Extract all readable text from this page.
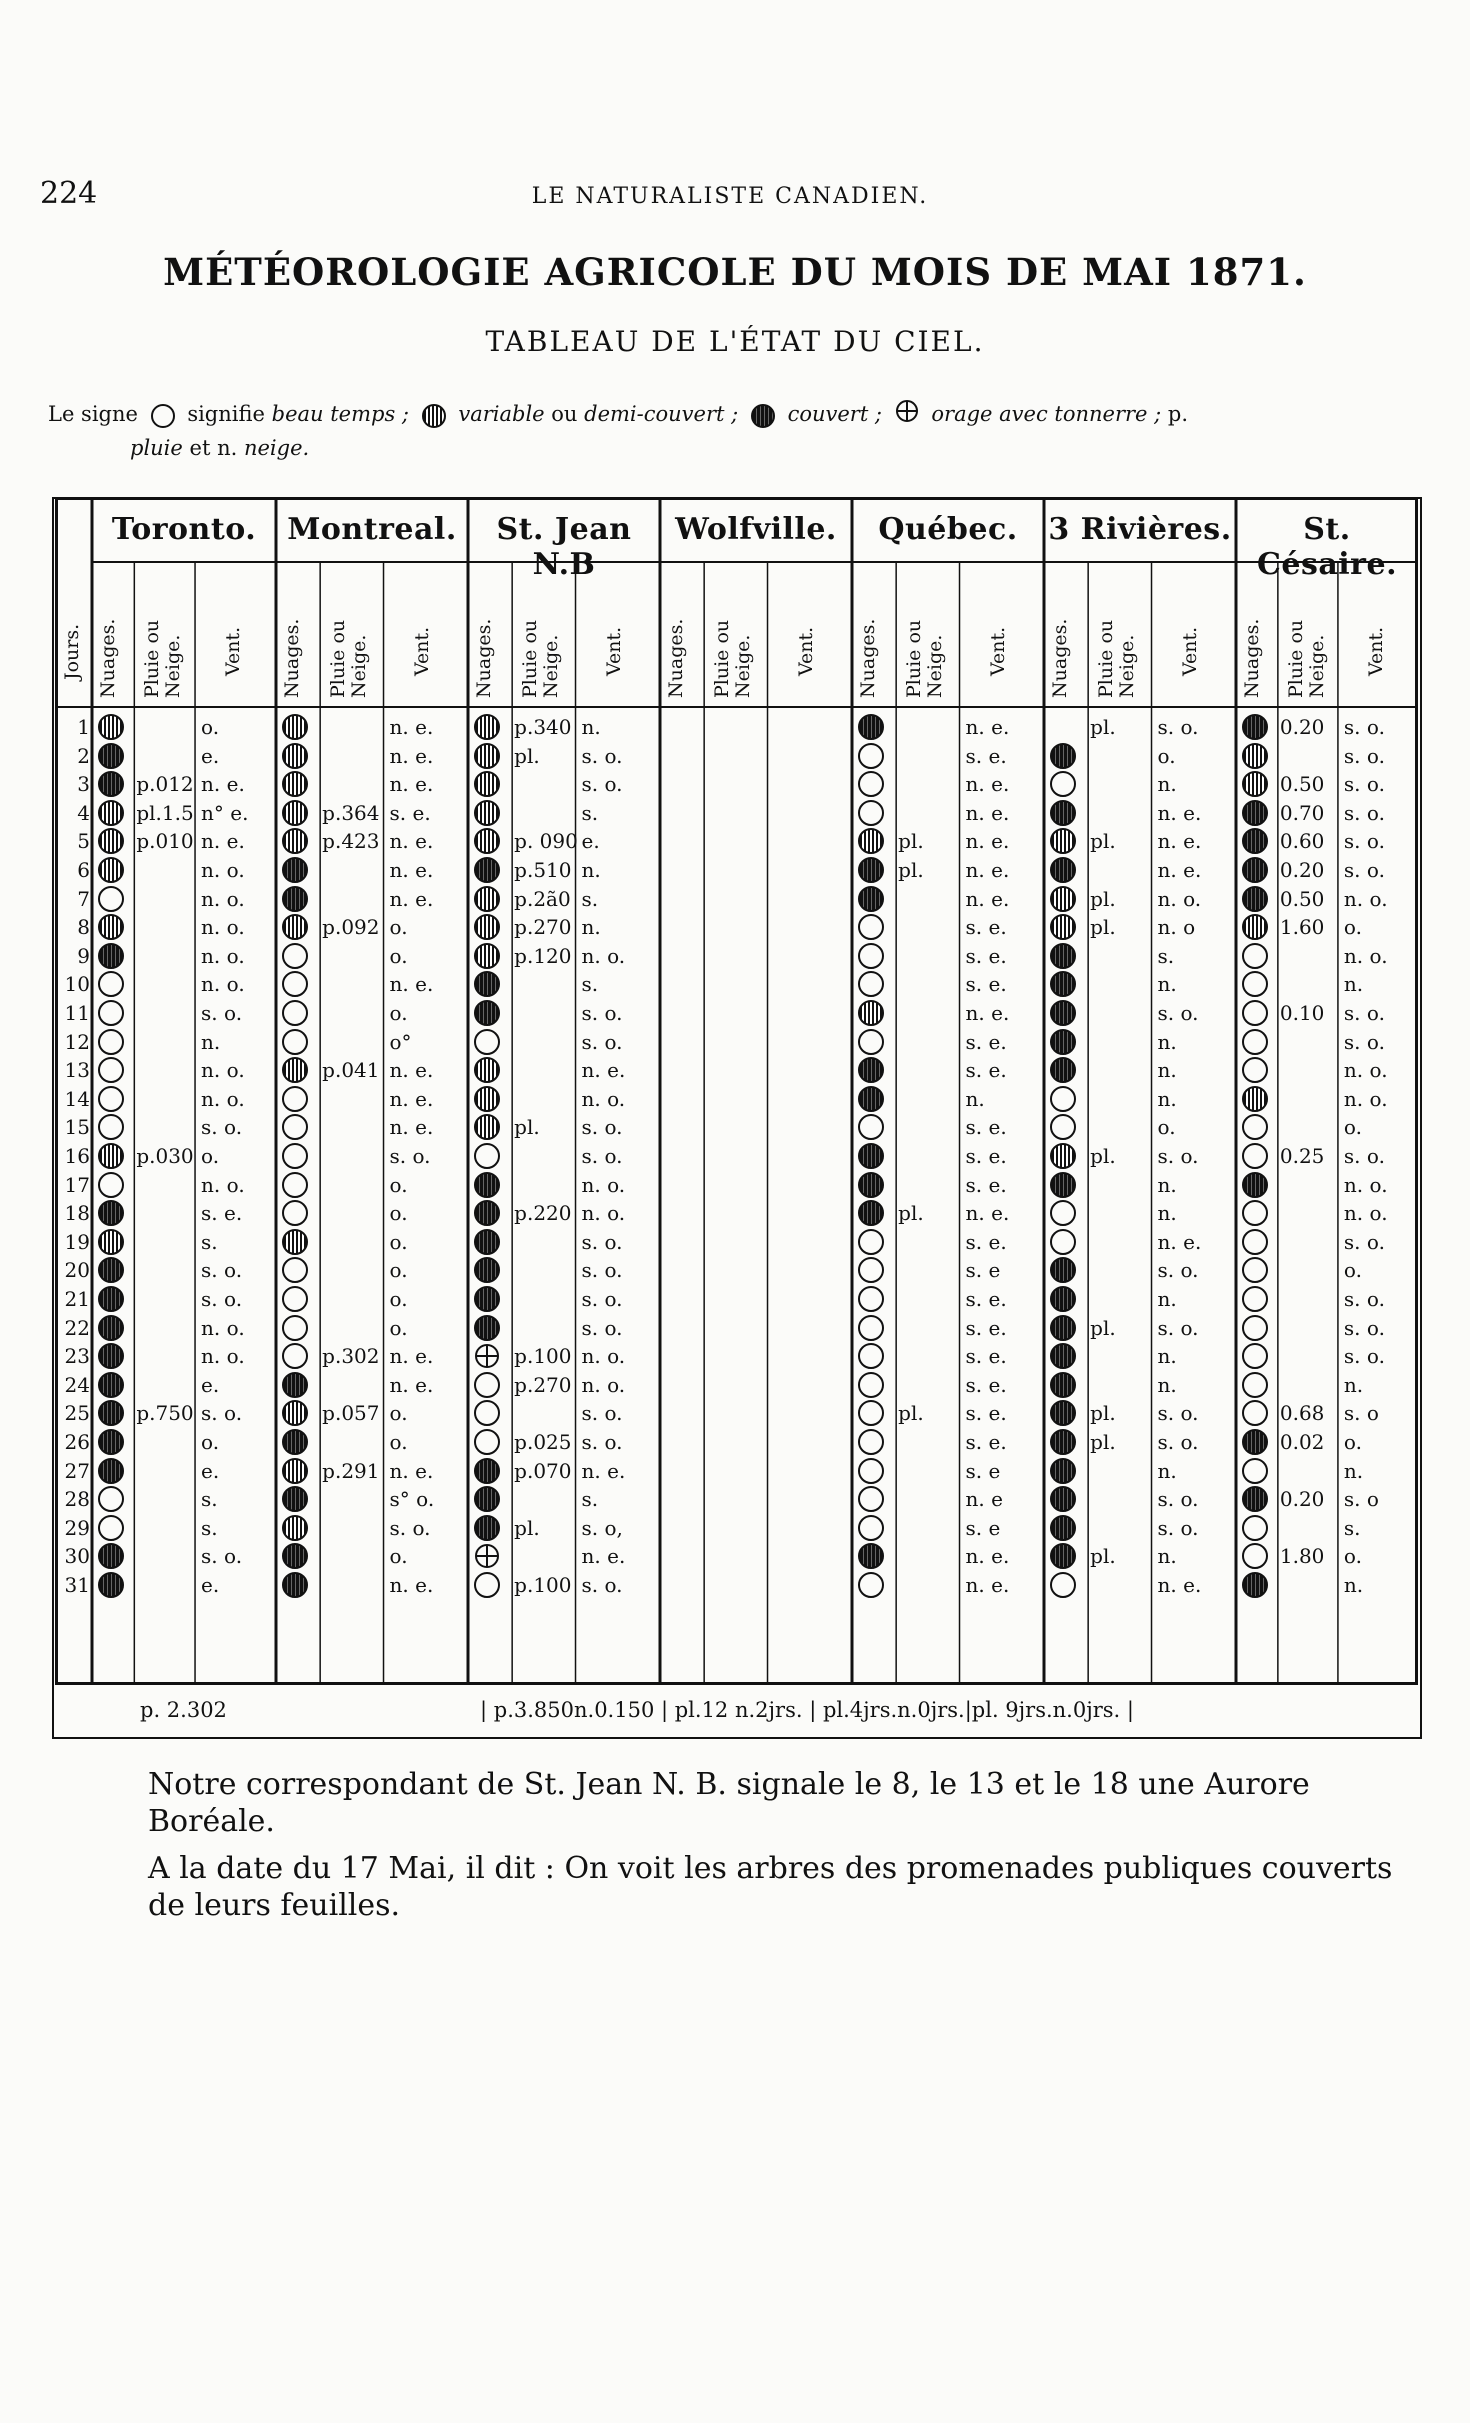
224	LE NATURALISTE CANADIEN.
MÉTÉOROLOGIE AGRICOLE DU MOIS DE MAI 1871.
TABLEAU DE L'ÉTAT DU CIEL.
Le signe signifie beau temps ; variable ou demi-couvert ; couvert ; orage avec tonnerre ; p.
pluie et n. neige.
Jours.
Toronto.
Nuages. Pluie ou Neige. Vent.
o.
e.
p.012 n. e.
pl.1.5 n° e.
p.010 n. e.
n. o.
n. o.
n. o.
n. o.
n. o.
s. o.
n.
n. o.
n. o.
s. o.
p.030 o.
n. o.
s. e.
s.
s. o.
s. o.
n. o.
n. o.
e.
p.750 s. o.
o.
e.
s.
s.
s. o.
e.
Montreal.
Nuages. Pluie ou Neige. Vent.
n. e.
n. e.
n. e.
p.364 s. e.
p.423 n. e.
n. e.
n. e.
p.092 o.
o.
n. e.
o.
o°
p.041 n. e.
n. e.
n. e.
s. o.
o.
o.
o.
o.
o.
o.
p.302 n. e.
n. e.
p.057 o.
o.
p.291 n. e.
s° o.
s. o.
o.
n. e.
St. Jean N.B
Nuages. Pluie ou Neige. Vent.
p.340 n.
pl. s. o.
s. o.
s.
p. 090 e.
p.510 n.
p.2ã0 s.
p.270 n.
p.120 n. o.
s.
s. o.
s. o.
n. e.
n. o.
pl. s. o.
s. o.
n. o.
p.220 n. o.
s. o.
s. o.
s. o.
s. o.
p.100 n. o.
p.270 n. o.
s. o.
p.025 s. o.
p.070 n. e.
s.
pl. s. o,
n. e.
p.100 s. o.
Wolfville.
Nuages. Pluie ou Neige. Vent.
Québec.
Nuages. Pluie ou Neige. Vent.
n. e.
s. e.
n. e.
n. e.
pl. n. e.
pl. n. e.
n. e.
s. e.
s. e.
s. e.
n. e.
s. e.
s. e.
n.
s. e.
s. e.
s. e.
pl. n. e.
s. e.
s. e
s. e.
s. e.
s. e.
s. e.
pl. s. e.
s. e.
s. e
n. e
s. e
n. e.
n. e.
3 Rivières.
Nuages. Pluie ou Neige. Vent.
pl. s. o.
o.
n.
n. e.
pl. n. e.
n. e.
pl. n. o.
pl. n. o
s.
n.
s. o.
n.
n.
n.
o.
pl. s. o.
n.
n.
n. e.
s. o.
n.
pl. s. o.
n.
n.
pl. s. o.
pl. s. o.
n.
s. o.
s. o.
pl. n.
n. e.
St. Césaire.
Nuages. Pluie ou Neige. Vent.
0.20 s. o.
s. o.
0.50 s. o.
0.70 s. o.
0.60 s. o.
0.20 s. o.
0.50 n. o.
1.60 o.
n. o.
n.
0.10 s. o.
s. o.
n. o.
n. o.
o.
0.25 s. o.
n. o.
n. o.
s. o.
o.
s. o.
s. o.
s. o.
n.
0.68 s. o
0.02 o.
n.
0.20 s. o
s.
1.80 o.
n.
1
2
3
4
5
6
7
8
9
10
11
12
13
14
15
16
17
18
19
20
21
22
23
24
25
26
27
28
29
30
31
p. 2.302	| p.3.850n.0.150 | pl.12 n.2jrs. | pl.4jrs.n.0jrs.|pl. 9jrs.n.0jrs. |
Notre correspondant de St. Jean N. B. signale le 8, le 13 et le 18 une Aurore Boréale.
A la date du 17 Mai, il dit : On voit les arbres des promenades publiques couverts de leurs feuilles.
